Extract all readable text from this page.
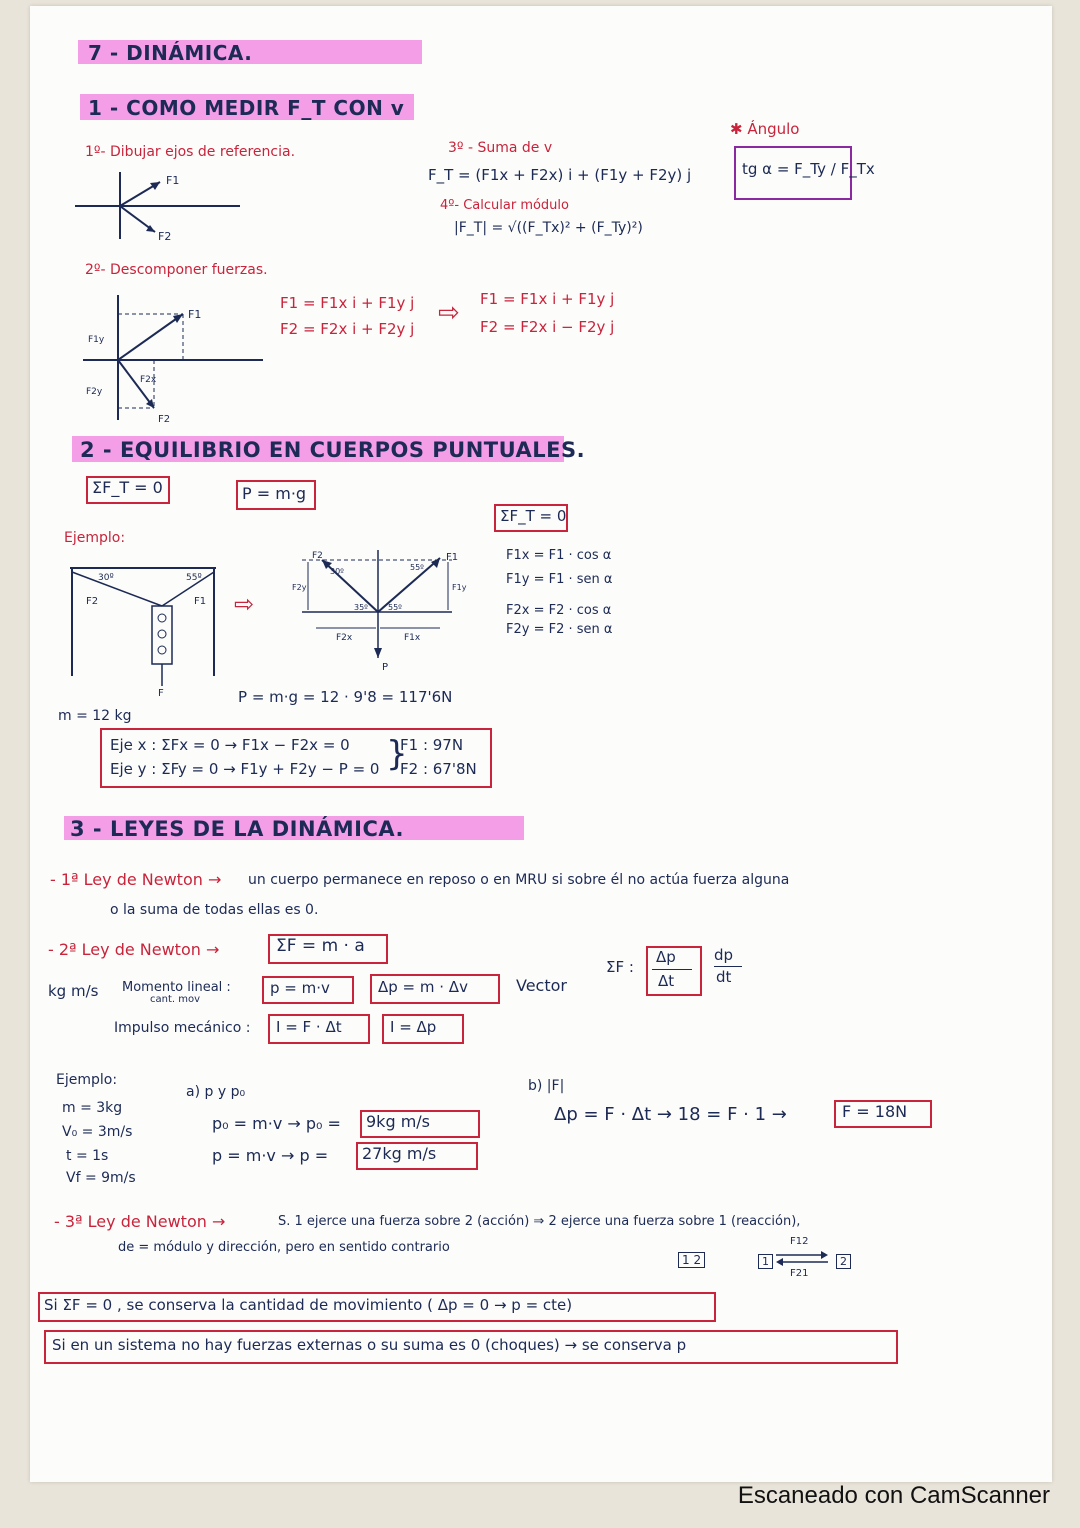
7 - DINÁMICA.
1 - COMO MEDIR F_T CON v
1º- Dibujar ejos de referencia.
F1
F2
2º- Descomponer fuerzas.
F1
F2
F1y
F2x
F2y
F1 = F1x i + F1y j
F2 = F2x i + F2y j
⇨ F1 = F1x i + F1y j
F2 = F2x i − F2y j
3º - Suma de v
F_T = (F1x + F2x) i + (F1y + F2y) j
4º- Calcular módulo
|F_T| = √((F_Tx)² + (F_Ty)²)
✱ Ángulo
tg α = F_Ty / F_Tx
2 - EQUILIBRIO EN CUERPOS PUNTUALES.
ΣF_T = 0	P = m·g
ΣF_T = 0
Ejemplo:
30º	55º
F2	F1
F
⇨
F1
F2
30º	55º
35º	55º
F2x	F1x
F2y	F1y
P
F1x = F1 · cos α
F1y = F1 · sen α
F2x = F2 · cos α
F2y = F2 · sen α
P = m·g = 12 · 9'8 = 117'6N
m = 12 kg
Eje x : ΣFx = 0 → F1x − F2x = 0
Eje y : ΣFy = 0 → F1y + F2y − P = 0 }
F1 : 97N
F2 : 67'8N
3 - LEYES DE LA DINÁMICA.
- 1ª Ley de Newton → un cuerpo permanece en reposo o en MRU si sobre él no actúa fuerza alguna
o la suma de todas ellas es 0.
- 2ª Ley de Newton →	ΣF = m · a
kg m/s Momento lineal :
cant. mov
p = m·v	Δp = m · Δv	Vector
ΣF :
Δp
Δt
dp
dt
Impulso mecánico : I = F · Δt	I = Δp
Ejemplo:
m = 3kg
V₀ = 3m/s
t = 1s
Vf = 9m/s
a) p y p₀
p₀ = m·v → p₀ = 9kg m/s
p = m·v → p = 27kg m/s
b) |F|
Δp = F · Δt → 18 = F · 1 →	F = 18N
- 3ª Ley de Newton →	S. 1 ejerce una fuerza sobre 2 (acción) ⇒ 2 ejerce una fuerza sobre 1 (reacción),
de = módulo y dirección, pero en sentido contrario
1 2	1
F12
F21
2
Si ΣF = 0 , se conserva la cantidad de movimiento ( Δp = 0 → p = cte)
Si en un sistema no hay fuerzas externas o su suma es 0 (choques) → se conserva p
Escaneado con CamScanner
